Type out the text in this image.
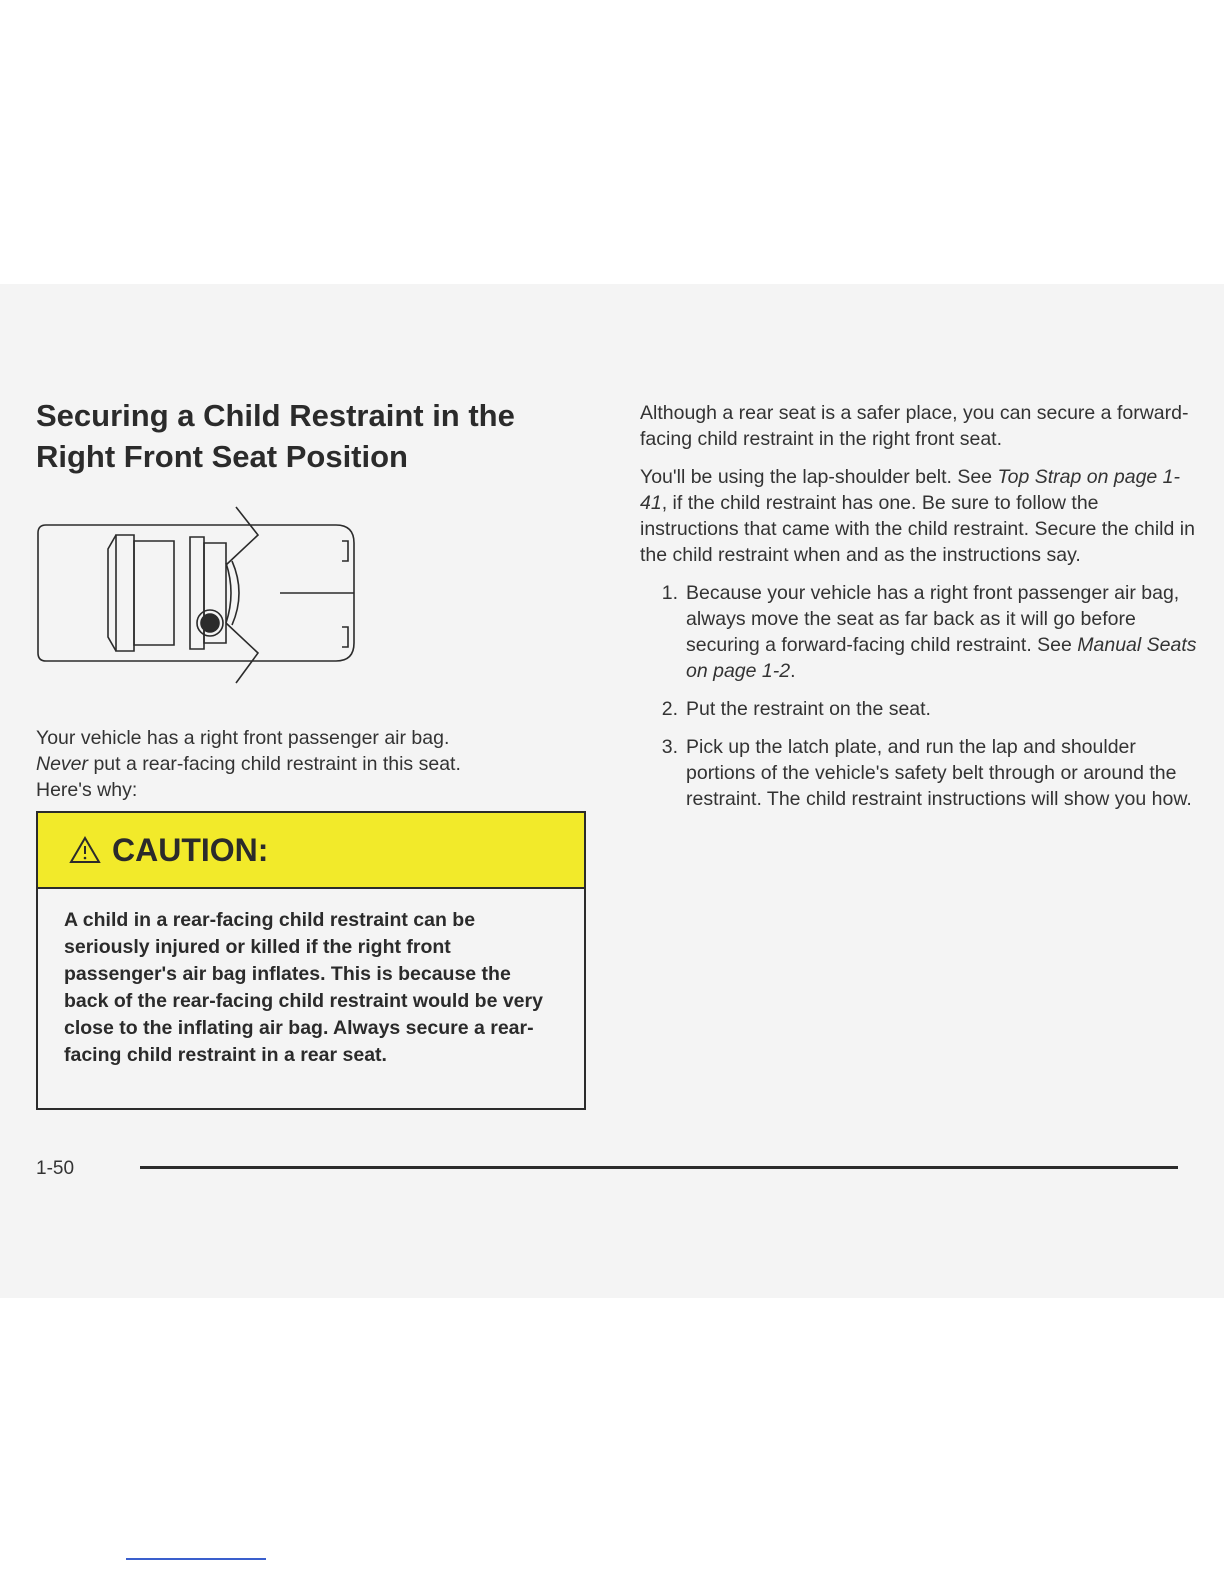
Securing a Child Restraint in the Right Front Seat Position

Your vehicle has a right front passenger air bag.
Never put a rear-facing child restraint in this seat.
Here's why:

CAUTION:

A child in a rear-facing child restraint can be seriously injured or killed if the right front passenger's air bag inflates. This is because the back of the rear-facing child restraint would be very close to the inflating air bag. Always secure a rear-facing child restraint in a rear seat.

Although a rear seat is a safer place, you can secure a forward-facing child restraint in the right front seat.

You'll be using the lap-shoulder belt. See Top Strap on page 1-41, if the child restraint has one. Be sure to follow the instructions that came with the child restraint. Secure the child in the child restraint when and as the instructions say.

1. Because your vehicle has a right front passenger air bag, always move the seat as far back as it will go before securing a forward-facing child restraint. See Manual Seats on page 1-2.
2. Put the restraint on the seat.
3. Pick up the latch plate, and run the lap and shoulder portions of the vehicle's safety belt through or around the restraint. The child restraint instructions will show you how.
1-50
